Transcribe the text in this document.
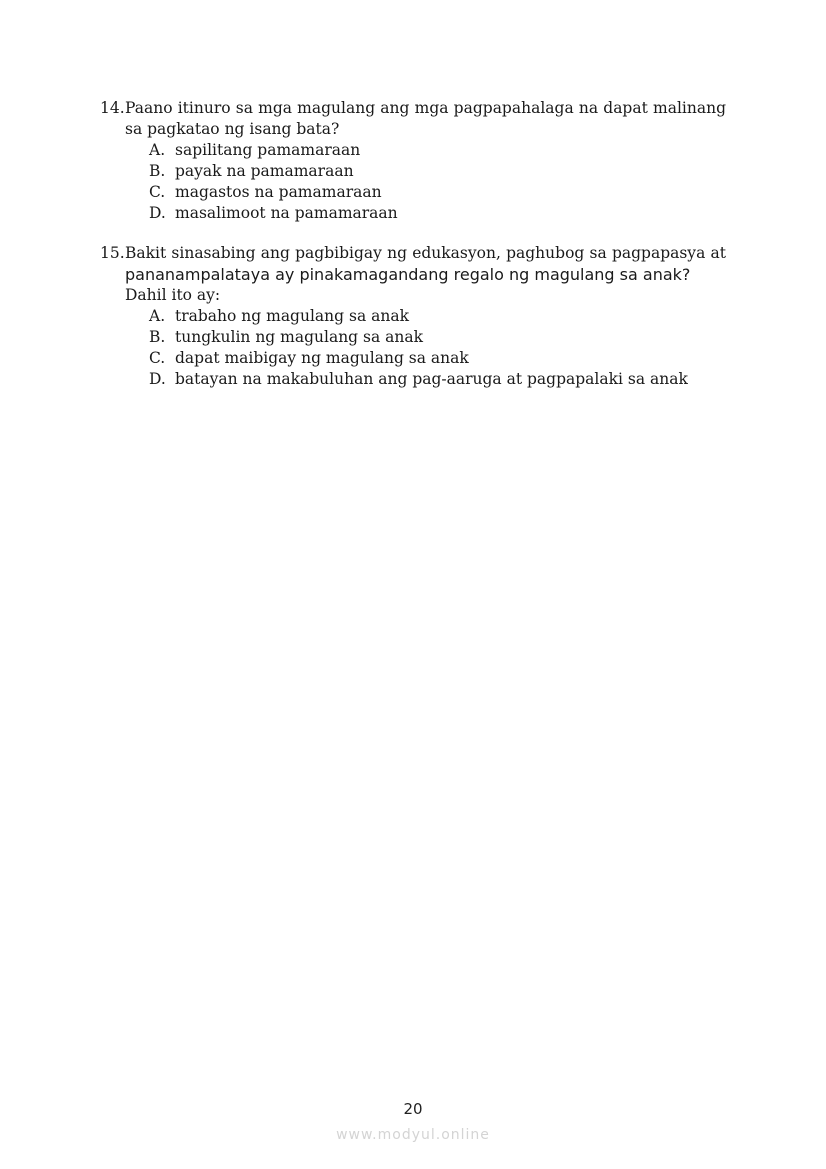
14. Paano itinuro sa mga magulang ang mga pagpapahalaga na dapat malinang sa pagkatao ng isang bata?
A. sapilitang pamamaraan
B. payak na pamamaraan
C. magastos na pamamaraan
D. masalimoot na pamamaraan
15. Bakit sinasabing ang pagbibigay ng edukasyon, paghubog sa pagpapasya at
pananampalataya ay pinakamagandang regalo ng magulang sa anak?
Dahil ito ay:
A. trabaho ng magulang sa anak
B. tungkulin ng magulang sa anak
C. dapat maibigay ng magulang sa anak
D. batayan na makabuluhan ang pag-aaruga at pagpapalaki sa anak
20
www.modyul.online
